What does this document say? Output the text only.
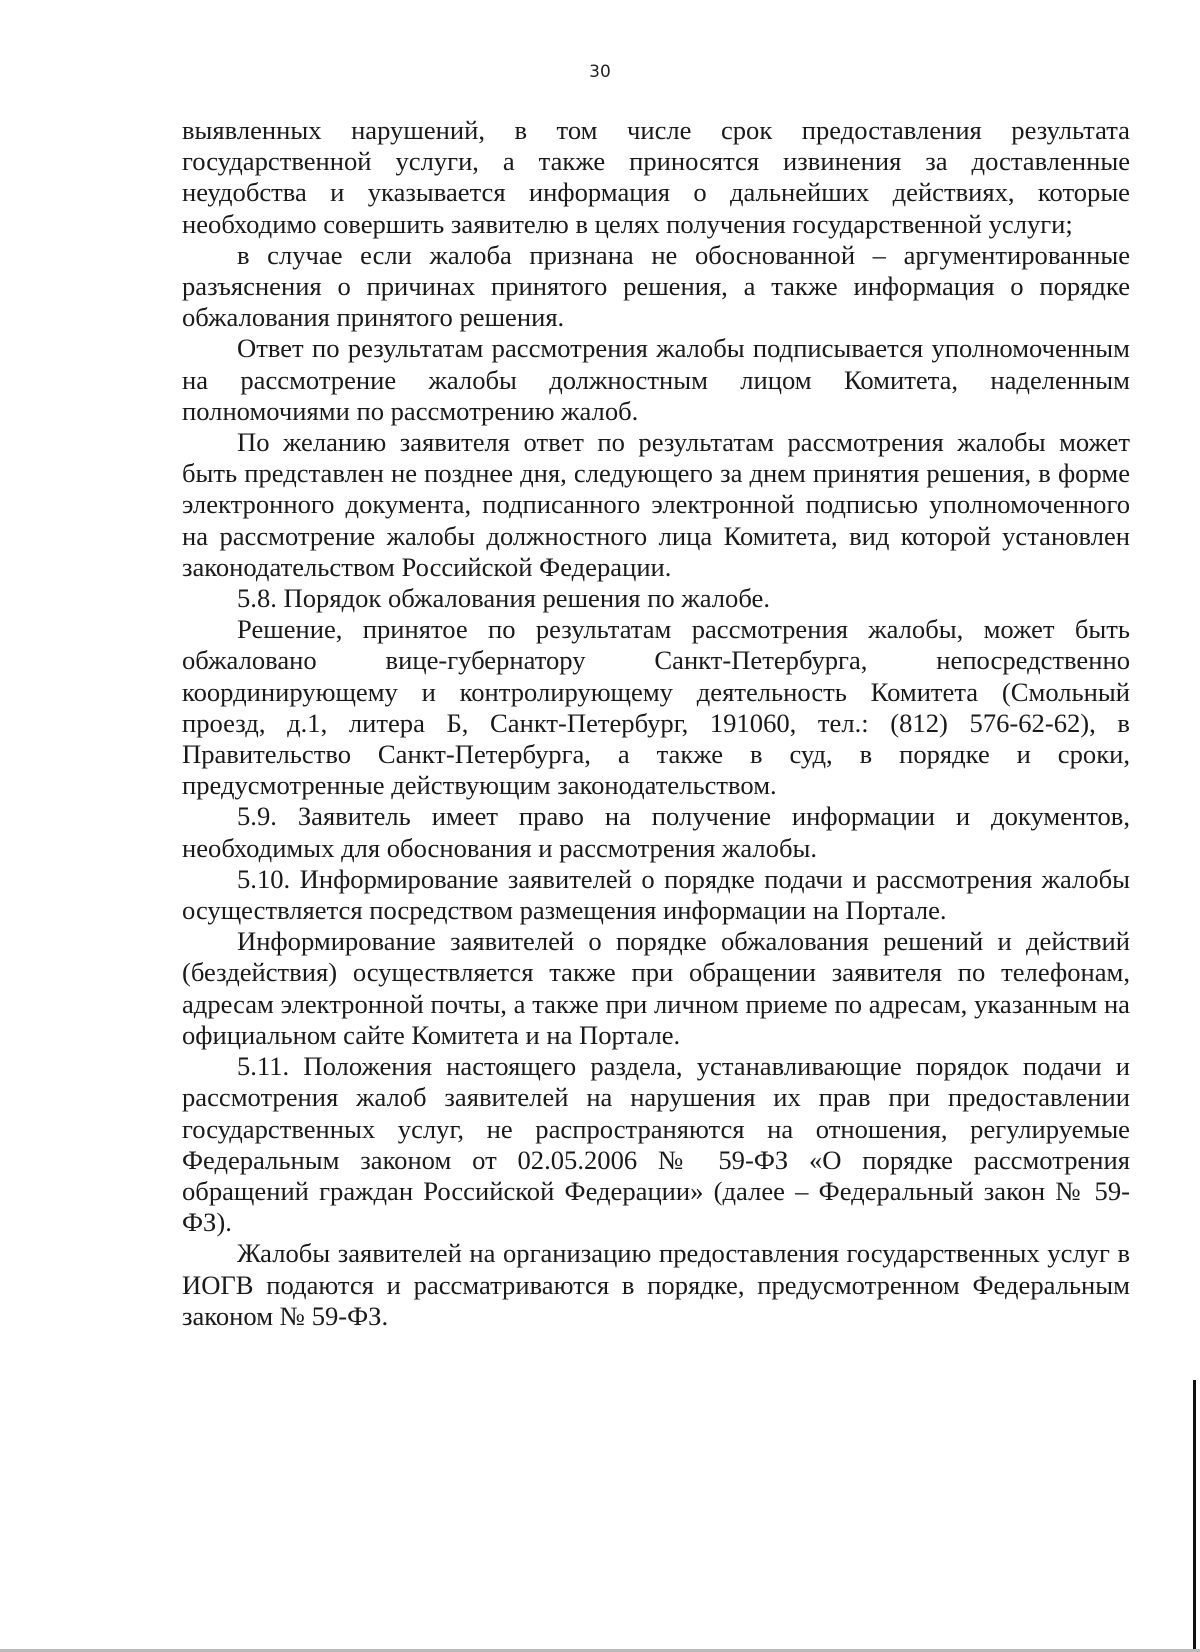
30

выявленных нарушений, в том числе срок предоставления результата государственной услуги, а также приносятся извинения за доставленные неудобства и указывается информация о дальнейших действиях, которые необходимо совершить заявителю в целях получения государственной услуги;

в случае если жалоба признана не обоснованной – аргументированные разъяснения о причинах принятого решения, а также информация о порядке обжалования принятого решения.

Ответ по результатам рассмотрения жалобы подписывается уполномоченным на рассмотрение жалобы должностным лицом Комитета, наделенным полномочиями по рассмотрению жалоб.

По желанию заявителя ответ по результатам рассмотрения жалобы может быть представлен не позднее дня, следующего за днем принятия решения, в форме электронного документа, подписанного электронной подписью уполномоченного на рассмотрение жалобы должностного лица Комитета, вид которой установлен законодательством Российской Федерации.

5.8. Порядок обжалования решения по жалобе.

Решение, принятое по результатам рассмотрения жалобы, может быть обжаловано вице-губернатору Санкт-Петербурга, непосредственно координирующему и контролирующему деятельность Комитета (Смольный проезд, д.1, литера Б, Санкт-Петербург, 191060, тел.: (812) 576-62-62), в Правительство Санкт-Петербурга, а также в суд, в порядке и сроки, предусмотренные действующим законодательством.

5.9. Заявитель имеет право на получение информации и документов, необходимых для обоснования и рассмотрения жалобы.

5.10. Информирование заявителей о порядке подачи и рассмотрения жалобы осуществляется посредством размещения информации на Портале.

Информирование заявителей о порядке обжалования решений и действий (бездействия) осуществляется также при обращении заявителя по телефонам, адресам электронной почты, а также при личном приеме по адресам, указанным на официальном сайте Комитета и на Портале.

5.11. Положения настоящего раздела, устанавливающие порядок подачи и рассмотрения жалоб заявителей на нарушения их прав при предоставлении государственных услуг, не распространяются на отношения, регулируемые Федеральным законом от 02.05.2006 № 59-ФЗ «О порядке рассмотрения обращений граждан Российской Федерации» (далее – Федеральный закон № 59-ФЗ).

Жалобы заявителей на организацию предоставления государственных услуг в ИОГВ подаются и рассматриваются в порядке, предусмотренном Федеральным законом № 59-ФЗ.
